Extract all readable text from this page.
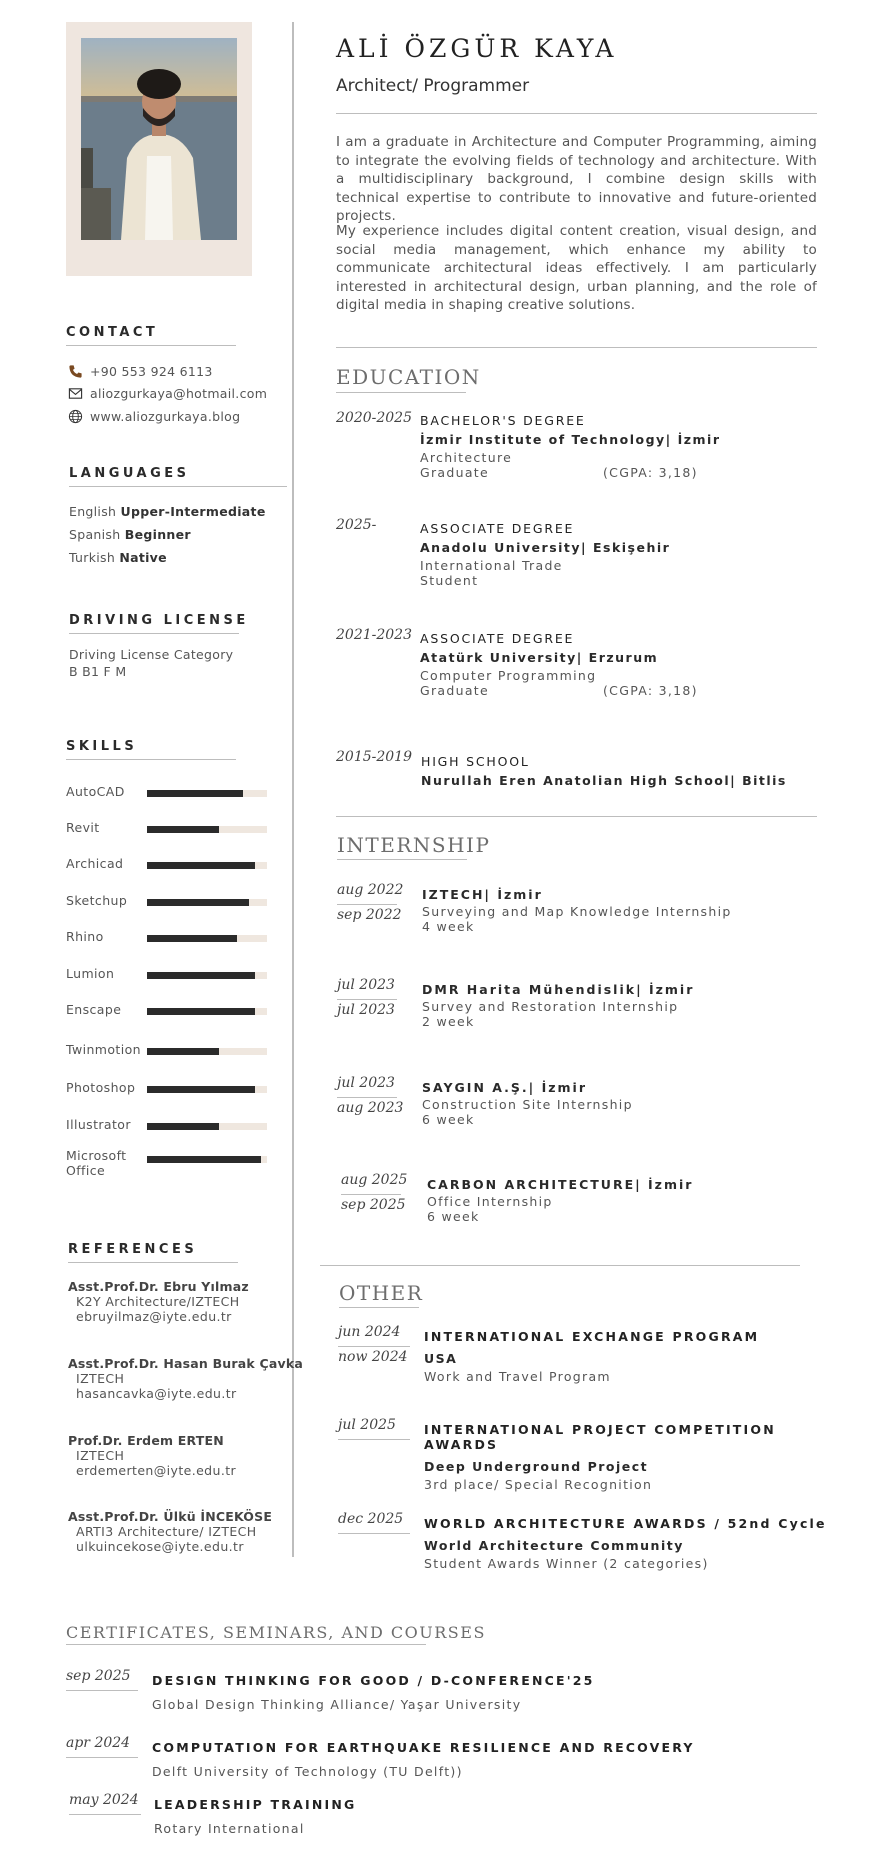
CONTACT
+90 553 924 6113
aliozgurkaya@hotmail.com
www.aliozgurkaya.blog
LANGUAGES
English Upper-Intermediate
Spanish Beginner
Turkish Native
DRIVING LICENSE
Driving License Category
B B1 F M
SKILLS
AutoCAD
Revit
Archicad
Sketchup
Rhino
Lumion
Enscape
Twinmotion
Photoshop
Illustrator
Microsoft Office
REFERENCES
Asst.Prof.Dr. Ebru Yılmaz
K2Y Architecture/IZTECH
ebruyilmaz@iyte.edu.tr
Asst.Prof.Dr. Hasan Burak Çavka
IZTECH
hasancavka@iyte.edu.tr
Prof.Dr. Erdem ERTEN
IZTECH
erdemerten@iyte.edu.tr
Asst.Prof.Dr. Ülkü İNCEKÖSE
ARTI3 Architecture/ IZTECH
ulkuincekose@iyte.edu.tr
ALİ ÖZGÜR KAYA
Architect/ Programmer
I am a graduate in Architecture and Computer Programming, aiming to integrate the evolving fields of technology and architecture. With a multidisciplinary background, I combine design skills with technical expertise to contribute to innovative and future-oriented projects.
My experience includes digital content creation, visual design, and social media management, which enhance my ability to communicate architectural ideas effectively. I am particularly interested in architectural design, urban planning, and the role of digital media in shaping creative solutions.
EDUCATION
2020-2025 BACHELOR'S DEGREE
İzmir Institute of Technology| İzmir
Architecture
Graduate	(CGPA: 3,18)
2025-	ASSOCIATE DEGREE
Anadolu University| Eskişehir
International Trade
Student
2021-2023 ASSOCIATE DEGREE
Atatürk University| Erzurum
Computer Programming
Graduate	(CGPA: 3,18)
2015-2019 HIGH SCHOOL
Nurullah Eren Anatolian High School| Bitlis
INTERNSHIP
aug 2022
sep 2022
IZTECH| İzmir
Surveying and Map Knowledge Internship
4 week
jul 2023
jul 2023
DMR Harita Mühendislik| İzmir
Survey and Restoration Internship
2 week
jul 2023
aug 2023
SAYGIN A.Ş.| İzmir
Construction Site Internship
6 week
aug 2025
sep 2025
CARBON ARCHITECTURE| İzmir
Office Internship
6 week
OTHER
jun 2024
now 2024
INTERNATIONAL EXCHANGE PROGRAM
USA
Work and Travel Program
jul 2025 INTERNATIONAL PROJECT COMPETITION AWARDS
Deep Underground Project
3rd place/ Special Recognition
dec 2025 WORLD ARCHITECTURE AWARDS / 52nd Cycle
World Architecture Community
Student Awards Winner (2 categories)
CERTIFICATES, SEMINARS, AND COURSES
sep 2025 DESIGN THINKING FOR GOOD / D-CONFERENCE'25
Global Design Thinking Alliance/ Yaşar University
apr 2024 COMPUTATION FOR EARTHQUAKE RESILIENCE AND RECOVERY
Delft University of Technology (TU Delft))
may 2024 LEADERSHIP TRAINING
Rotary International
